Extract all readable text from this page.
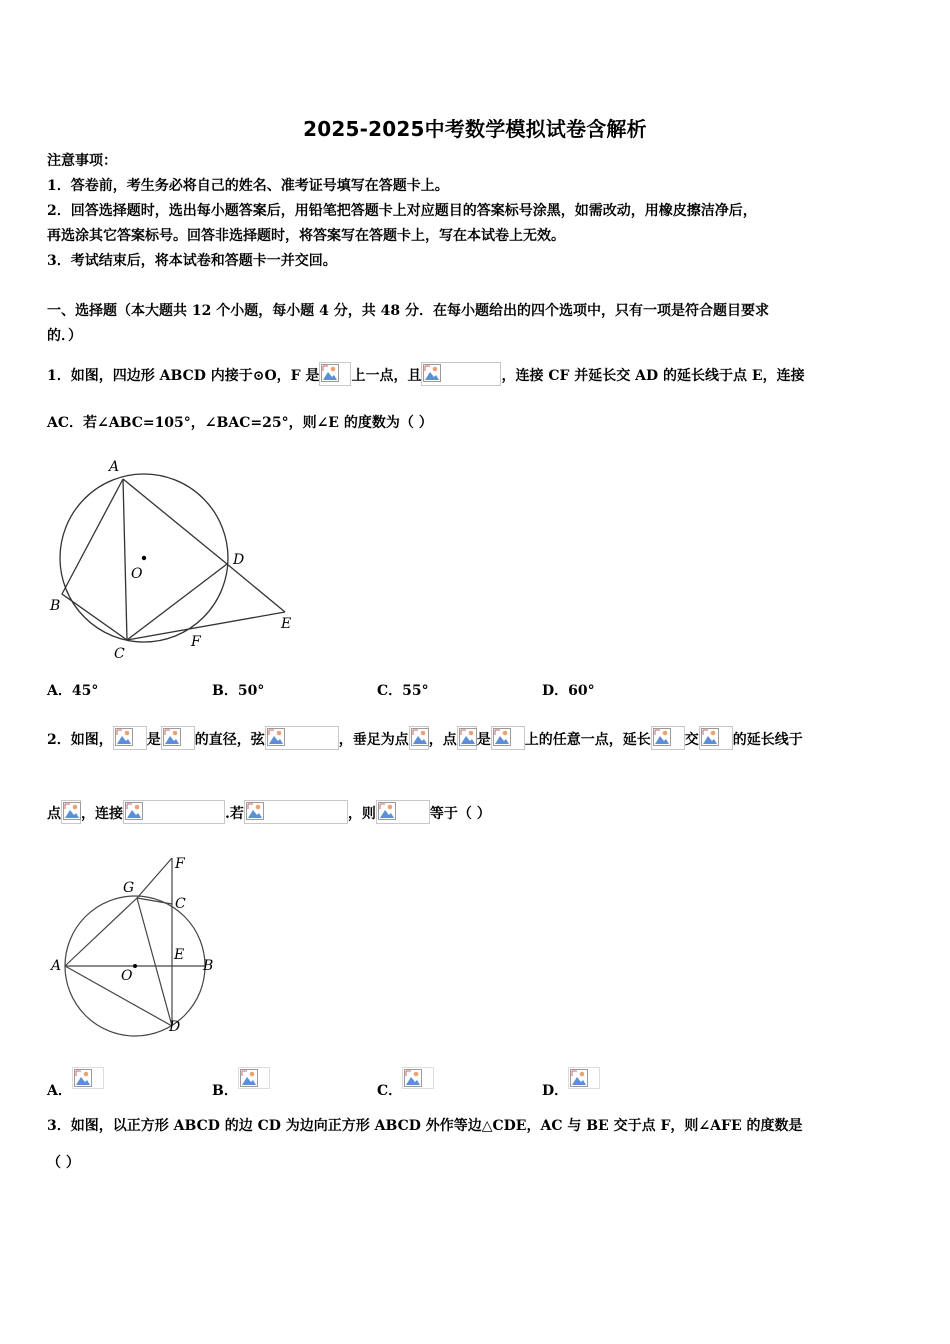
2025-2025中考数学模拟试卷含解析
注意事项：
1．答卷前，考生务必将自己的姓名、准考证号填写在答题卡上。
2．回答选择题时，选出每小题答案后，用铅笔把答题卡上对应题目的答案标号涂黑，如需改动，用橡皮擦洁净后，
再选涂其它答案标号。回答非选择题时，将答案写在答题卡上，写在本试卷上无效。
3．考试结束后，将本试卷和答题卡一并交回。
一、选择题（本大题共 12 个小题，每小题 4 分，共 48 分．在每小题给出的四个选项中，只有一项是符合题目要求
的．）
1．如图，四边形 ABCD 内接于⊙O，F 是 上一点，且	，连接 CF 并延长交 AD 的延长线于点 E，连接
AC．若∠ABC=105°，∠BAC=25°，则∠E 的度数为（ ）
A
B
C
D
E
F
O
A．45°	B．50°	C．55°	D．60°
2．如图， 是 的直径，弦	，垂足为点 ，点 是 上的任意一点，延长 交 的延长线于
点 ，连接	.若	，则	等于（ ）
F
G
C
E
A	B
O
D
A．	B．	C．	D．
3．如图，以正方形 ABCD 的边 CD 为边向正方形 ABCD 外作等边△CDE，AC 与 BE 交于点 F，则∠AFE 的度数是
（ ）
